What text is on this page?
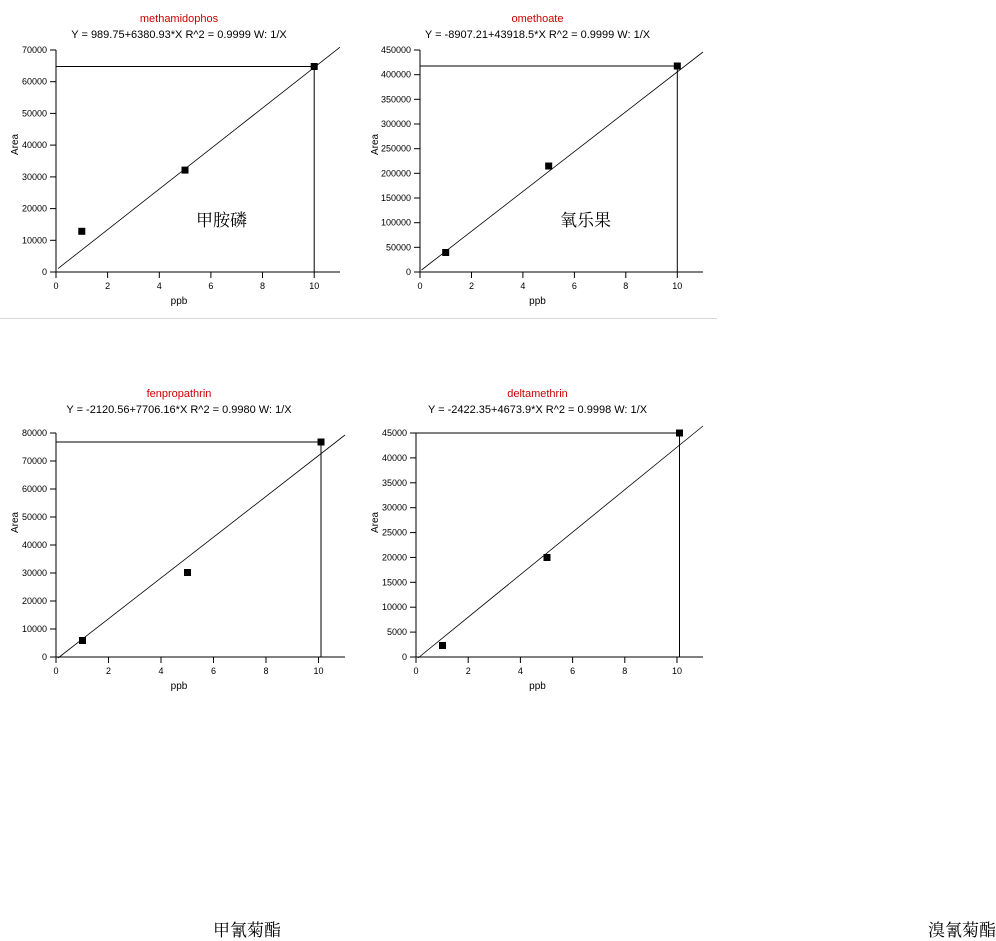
methamidophos
Y = 989.75+6380.93*X R^2 = 0.9999 W: 1/X
0
10000
20000
30000
40000
50000
60000
70000
0	2	4	6	8	10
Area
ppb
甲胺磷
omethoate
Y = -8907.21+43918.5*X R^2 = 0.9999 W: 1/X
0
50000
100000
150000
200000
250000
300000
350000
400000
450000
0	2	4	6	8	10
Area
ppb
氧乐果
fenpropathrin
Y = -2120.56+7706.16*X R^2 = 0.9980 W: 1/X
0
10000
20000
30000
40000
50000
60000
70000
80000
0	2	4	6	8	10
Area
ppb
甲氰菊酯
deltamethrin
Y = -2422.35+4673.9*X R^2 = 0.9998 W: 1/X
0
5000
10000
15000
20000
25000
30000
35000
40000
45000
0	2	4	6	8	10
Area
ppb
溴氰菊酯
